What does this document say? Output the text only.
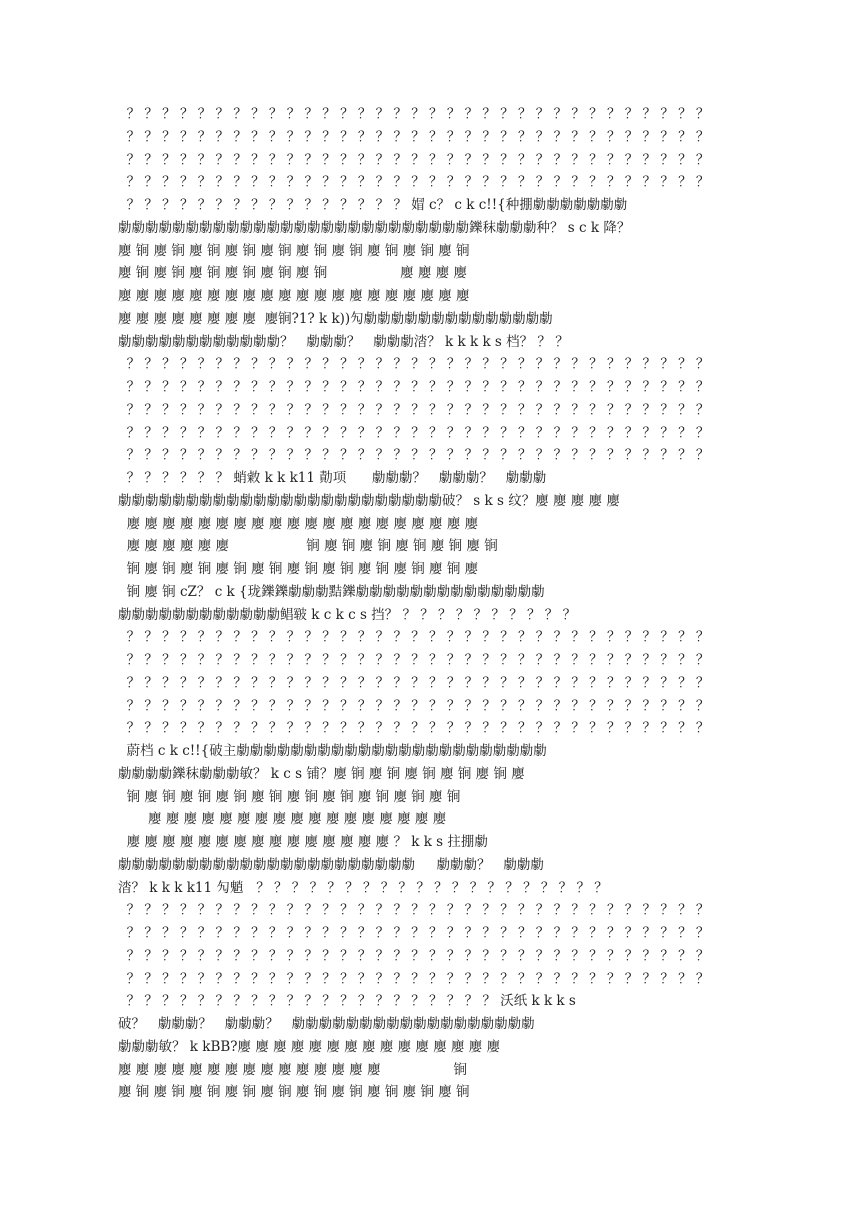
？ ？ ？ ？ ？ ？ ？ ？ ？ ？ ？ ？ ？ ？ ？ ？ ？ ？ ？ ？ ？ ？ ？ ？ ？ ？ ？ ？ ？ ？ ？ ？ ？
？ ？ ？ ？ ？ ？ ？ ？ ？ ？ ？ ？ ？ ？ ？ ？ ？ ？ ？ ？ ？ ？ ？ ？ ？ ？ ？ ？ ？ ？ ？ ？ ？
？ ？ ？ ？ ？ ？ ？ ？ ？ ？ ？ ？ ？ ？ ？ ？ ？ ？ ？ ？ ？ ？ ？ ？ ？ ？ ？ ？ ？ ？ ？ ？ ？
？ ？ ？ ？ ？ ？ ？ ？ ？ ？ ？ ？ ？ ？ ？ ？ ？ ？ ？ ？ ？ ？ ？ ？ ？ ？ ？ ？ ？ ？ ？ ？ ？
？ ？ ？ ？ ？ ？ ？ ？ ？ ？ ？ ？ ？ ？ ？ ？ 媢 c？ c k c!!{种掤勮勮勮勮勮勮勮
勮勮勮勮勮勮勮勮勮勮勮勮勮勮勮勮勮勮勮勮勮勮勮勮勮勮鑠秣勮勮勮种？ s c k 降？
廮 锏 廮 锏 廮 锏 廮 锏 廮 锏 廮 锏 廮 锏 廮 锏 廮 锏 廮 锏
廮 锏 廮 锏 廮 锏 廮 锏 廮 锏 廮 锏                 廮 廮 廮 廮
廮 廮 廮 廮 廮 廮 廮 廮 廮 廮 廮 廮 廮 廮 廮 廮 廮 廮 廮 廮
廮 廮 廮 廮 廮 廮 廮 廮  廮锏?1? k k))勼勮勮勮勮勮勮勮勮勮勮勮勮勮勮
勮勮勮勮勮勮勮勮勮勮勮勮？   勮勮勮？   勮勮勮涾？ k k k k s 档？ ？ ？
？ ？ ？ ？ ？ ？ ？ ？ ？ ？ ？ ？ ？ ？ ？ ？ ？ ？ ？ ？ ？ ？ ？ ？ ？ ？ ？ ？ ？ ？ ？ ？ ？
？ ？ ？ ？ ？ ？ ？ ？ ？ ？ ？ ？ ？ ？ ？ ？ ？ ？ ？ ？ ？ ？ ？ ？ ？ ？ ？ ？ ？ ？ ？ ？ ？
？ ？ ？ ？ ？ ？ ？ ？ ？ ？ ？ ？ ？ ？ ？ ？ ？ ？ ？ ？ ？ ？ ？ ？ ？ ？ ？ ？ ？ ？ ？ ？ ？
？ ？ ？ ？ ？ ？ ？ ？ ？ ？ ？ ？ ？ ？ ？ ？ ？ ？ ？ ？ ？ ？ ？ ？ ？ ？ ？ ？ ？ ？ ？ ？ ？
？ ？ ？ ？ ？ ？ ？ ？ ？ ？ ？ ？ ？ ？ ？ ？ ？ ？ ？ ？ ？ ？ ？ ？ ？ ？ ？ ？ ？ ？ ？ ？ ？
？ ？ ？ ？ ？ ？ 蛸敹 k k k11 勣项      勮勮勮？   勮勮勮？   勮勮勮
勮勮勮勮勮勮勮勮勮勮勮勮勮勮勮勮勮勮勮勮勮勮勮勮破？ s k s 纹？廮 廮 廮 廮 廮
廮 廮 廮 廮 廮 廮 廮 廮 廮 廮 廮 廮 廮 廮 廮 廮 廮 廮 廮 廮
廮 廮 廮 廮 廮 廮                  锏 廮 锏 廮 锏 廮 锏 廮 锏 廮 锏
锏 廮 锏 廮 锏 廮 锏 廮 锏 廮 锏 廮 锏 廮 锏 廮 锏 廮 锏 廮
锏 廮 锏 cZ？ c k {珑鑠鑠勮勮勮黠鑠勮勮勮勮勮勮勮勮勮勮勮勮勮勮
勮勮勮勮勮勮勮勮勮勮勮勮鲳皲 k c k c s 挡？ ？ ？ ？ ？ ？ ？ ？ ？ ？ ？
？ ？ ？ ？ ？ ？ ？ ？ ？ ？ ？ ？ ？ ？ ？ ？ ？ ？ ？ ？ ？ ？ ？ ？ ？ ？ ？ ？ ？ ？ ？ ？ ？
？ ？ ？ ？ ？ ？ ？ ？ ？ ？ ？ ？ ？ ？ ？ ？ ？ ？ ？ ？ ？ ？ ？ ？ ？ ？ ？ ？ ？ ？ ？ ？ ？
？ ？ ？ ？ ？ ？ ？ ？ ？ ？ ？ ？ ？ ？ ？ ？ ？ ？ ？ ？ ？ ？ ？ ？ ？ ？ ？ ？ ？ ？ ？ ？ ？
？ ？ ？ ？ ？ ？ ？ ？ ？ ？ ？ ？ ？ ？ ？ ？ ？ ？ ？ ？ ？ ？ ？ ？ ？ ？ ？ ？ ？ ？ ？ ？ ？
？ ？ ？ ？ ？ ？ ？ ？ ？ ？ ？ ？ ？ ？ ？ ？ ？ ？ ？ ？ ？ ？ ？ ？ ？ ？ ？ ？ ？ ？ ？ ？ ？
蔚档 c k c!!{破主勮勮勮勮勮勮勮勮勮勮勮勮勮勮勮勮勮勮勮勮勮勮勮
勮勮勮勮鑠秣勮勮勮敏？ k c s 铺？廮 锏 廮 锏 廮 锏 廮 锏 廮 锏 廮
锏 廮 锏 廮 锏 廮 锏 廮 锏 廮 锏 廮 锏 廮 锏 廮 锏 廮 锏
廮 廮 廮 廮 廮 廮 廮 廮 廮 廮 廮 廮 廮 廮 廮 廮 廮
廮 廮 廮 廮 廮 廮 廮 廮 廮 廮 廮 廮 廮 廮 廮 ？ k k s 拄掤勮
勮勮勮勮勮勮勮勮勮勮勮勮勮勮勮勮勮勮勮勮勮勮     勮勮勮？   勮勮勮
涾？ k k k k11 勼魈   ？ ？ ？ ？ ？ ？ ？ ？ ？ ？ ？ ？ ？ ？ ？ ？ ？ ？ ？ ？
？ ？ ？ ？ ？ ？ ？ ？ ？ ？ ？ ？ ？ ？ ？ ？ ？ ？ ？ ？ ？ ？ ？ ？ ？ ？ ？ ？ ？ ？ ？ ？ ？
？ ？ ？ ？ ？ ？ ？ ？ ？ ？ ？ ？ ？ ？ ？ ？ ？ ？ ？ ？ ？ ？ ？ ？ ？ ？ ？ ？ ？ ？ ？ ？ ？
？ ？ ？ ？ ？ ？ ？ ？ ？ ？ ？ ？ ？ ？ ？ ？ ？ ？ ？ ？ ？ ？ ？ ？ ？ ？ ？ ？ ？ ？ ？ ？ ？
？ ？ ？ ？ ？ ？ ？ ？ ？ ？ ？ ？ ？ ？ ？ ？ ？ ？ ？ ？ ？ ？ ？ ？ ？ ？ ？ ？ ？ ？ ？ ？ ？
？ ？ ？ ？ ？ ？ ？ ？ ？ ？ ？ ？ ？ ？ ？ ？ ？ ？ ？ ？ ？ 沃纸 k k k s
破？   勮勮勮？   勮勮勮？   勮勮勮勮勮勮勮勮勮勮勮勮勮勮勮勮勮勮
勮勮勮敏？ k kBB?廮 廮 廮 廮 廮 廮 廮 廮 廮 廮 廮 廮 廮 廮 廮
廮 廮 廮 廮 廮 廮 廮 廮 廮 廮 廮 廮 廮 廮 廮                 锏
廮 锏 廮 锏 廮 锏 廮 锏 廮 锏 廮 锏 廮 锏 廮 锏 廮 锏 廮 锏
